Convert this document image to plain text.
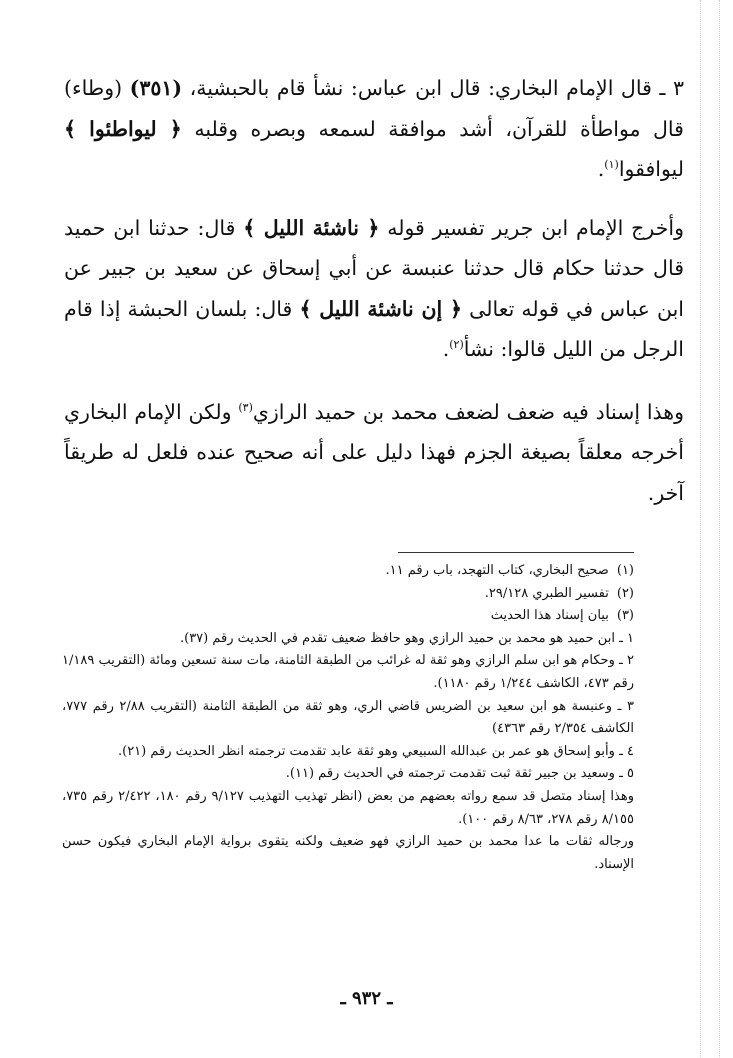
٣ ـ قال الإمام البخاري: قال ابن عباس: نشأ قام بالحبشية، (٣٥١) (وطاء) قال مواطأة للقرآن، أشد موافقة لسمعه وبصره وقلبه ﴿ ليواطئوا ﴾ ليوافقوا$^{(١)}$.

وأخرج الإمام ابن جرير تفسير قوله ﴿ ناشئة الليل ﴾ قال: حدثنا ابن حميد قال حدثنا حكام قال حدثنا عنبسة عن أبي إسحاق عن سعيد بن جبير عن ابن عباس في قوله تعالى ﴿ إن ناشئة الليل ﴾ قال: بلسان الحبشة إذا قام الرجل من الليل قالوا: نشأ$^{(٢)}$.

وهذا إسناد فيه ضعف لضعف محمد بن حميد الرازي$^{(٣)}$ ولكن الإمام البخاري أخرجه معلقاً بصيغة الجزم فهذا دليل على أنه صحيح عنده فلعل له طريقاً آخر.

(١)
صحيح البخاري، كتاب التهجد، باب رقم ١١.
(٢)
تفسير الطبري ٢٩/١٢٨.
(٣)
بيان إسناد هذا الحديث

١ ـ ابن حميد هو محمد بن حميد الرازي وهو حافظ ضعيف تقدم في الحديث رقم (٣٧).

٢ ـ وحكام هو ابن سلم الرازي وهو ثقة له غرائب من الطبقة الثامنة، مات سنة تسعين ومائة (التقريب ١/١٨٩ رقم ٤٧٣، الكاشف ١/٢٤٤ رقم ١١٨٠).

٣ ـ وعنبسة هو ابن سعيد بن الضريس قاضي الري، وهو ثقة من الطبقة الثامنة (التقريب ٢/٨٨ رقم ٧٧٧، الكاشف ٢/٣٥٤ رقم ٤٣٦٣)

٤ ـ وأبو إسحاق هو عمر بن عبدالله السبيعي وهو ثقة عابد تقدمت ترجمته انظر الحديث رقم (٢١).

٥ ـ وسعيد بن جبير ثقة ثبت تقدمت ترجمته في الحديث رقم (١١).

وهذا إسناد متصل قد سمع رواته بعضهم من بعض (انظر تهذيب التهذيب ٩/١٢٧ رقم ١٨٠، ٢/٤٢٢ رقم ٧٣٥، ٨/١٥٥ رقم ٢٧٨، ٨/٦٣ رقم ١٠٠).

ورجاله ثقات ما عدا محمد بن حميد الرازي فهو ضعيف ولكنه يتقوى برواية الإمام البخاري فيكون حسن الإسناد.

ـ ٩٣٢ ـ
